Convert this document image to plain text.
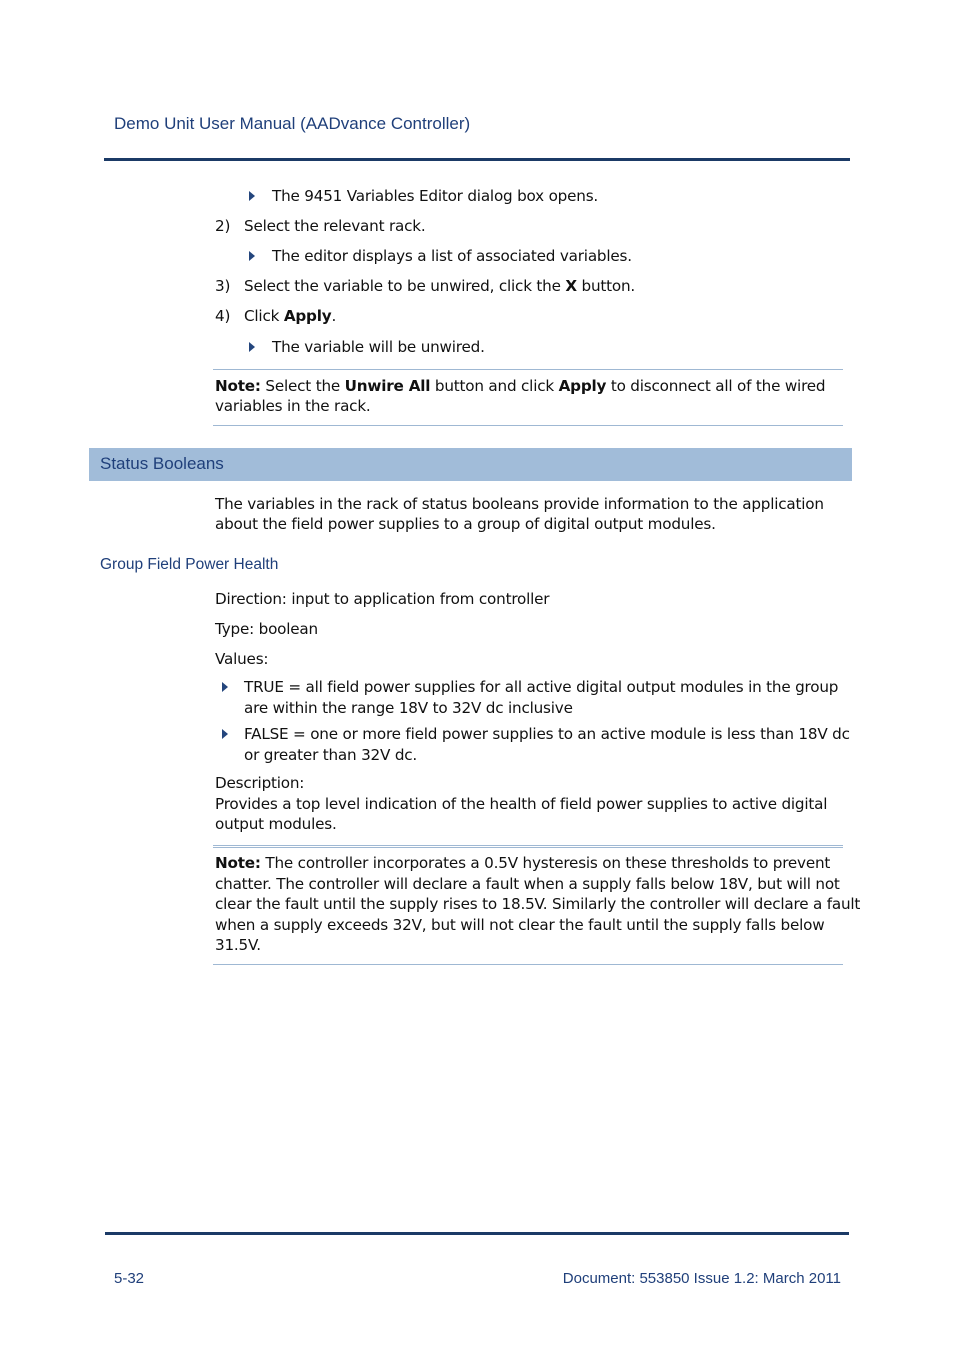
Demo Unit User Manual (AADvance Controller)
The 9451 Variables Editor dialog box opens.
2) Select the relevant rack.
The editor displays a list of associated variables.
3) Select the variable to be unwired, click the X button.
4) Click Apply.
The variable will be unwired.
Note: Select the Unwire All button and click Apply to disconnect all of the wired
variables in the rack.
Status Booleans
The variables in the rack of status booleans provide information to the application
about the field power supplies to a group of digital output modules.
Group Field Power Health
Direction: input to application from controller
Type: boolean
Values:
TRUE = all field power supplies for all active digital output modules in the group
are within the range 18V to 32V dc inclusive
FALSE = one or more field power supplies to an active module is less than 18V dc
or greater than 32V dc.
Description:
Provides a top level indication of the health of field power supplies to active digital
output modules.
Note: The controller incorporates a 0.5V hysteresis on these thresholds to prevent
chatter. The controller will declare a fault when a supply falls below 18V, but will not
clear the fault until the supply rises to 18.5V. Similarly the controller will declare a fault
when a supply exceeds 32V, but will not clear the fault until the supply falls below
31.5V.
5-32	Document: 553850 Issue 1.2: March 2011
